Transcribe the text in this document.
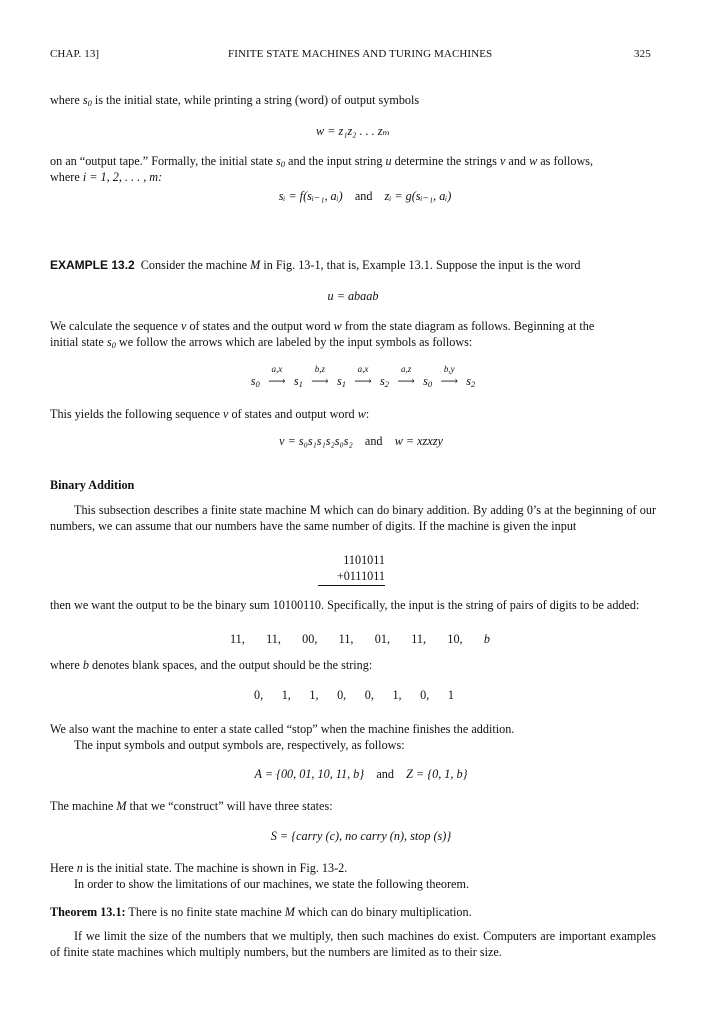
CHAP. 13]	FINITE STATE MACHINES AND TURING MACHINES	325

where $s_0$ is the initial state, while printing a string (word) of output symbols

w = z₁z₂ . . . zₘ

on an “output tape.” Formally, the initial state $s_0$ and the input string u determine the strings v and w as follows,
where i = 1, 2, . . . , m:

sᵢ = f(sᵢ₋₁, aᵢ) and zᵢ = g(sᵢ₋₁, aᵢ)

EXAMPLE 13.2 Consider the machine M in Fig. 13-1, that is, Example 13.1. Suppose the input is the word

u = abaab

We calculate the sequence v of states and the output word w from the state diagram as follows. Beginning at the
initial state $s_0$ we follow the arrows which are labeled by the input symbols as follows:

$s_0$
a,x
⟶ $s_1$
b,z
⟶ $s_1$
a,x
⟶ $s_2$
a,z
⟶ $s_0$
b,y
⟶ $s_2$

This yields the following sequence v of states and output word w:

v = s₀s₁s₁s₂s₀s₂ and w = xzxzy

Binary Addition

This subsection describes a finite state machine M which can do binary addition. By adding 0’s at the beginning of our numbers, we can assume that our numbers have the same number of digits. If the machine is given the input

1101011
+0111011

then we want the output to be the binary sum 10100110. Specifically, the input is the string of pairs of digits to be added:

11, 11, 00, 11, 01, 11, 10, b

where b denotes blank spaces, and the output should be the string:

0, 1, 1, 0, 0, 1, 0, 1

We also want the machine to enter a state called “stop” when the machine finishes the addition.

The input symbols and output symbols are, respectively, as follows:

A = {00, 01, 10, 11, b} and Z = {0, 1, b}

The machine M that we “construct” will have three states:

S = {carry (c), no carry (n), stop (s)}

Here n is the initial state. The machine is shown in Fig. 13-2.

In order to show the limitations of our machines, we state the following theorem.

Theorem 13.1: There is no finite state machine M which can do binary multiplication.

If we limit the size of the numbers that we multiply, then such machines do exist. Computers are important examples of finite state machines which multiply numbers, but the numbers are limited as to their size.
